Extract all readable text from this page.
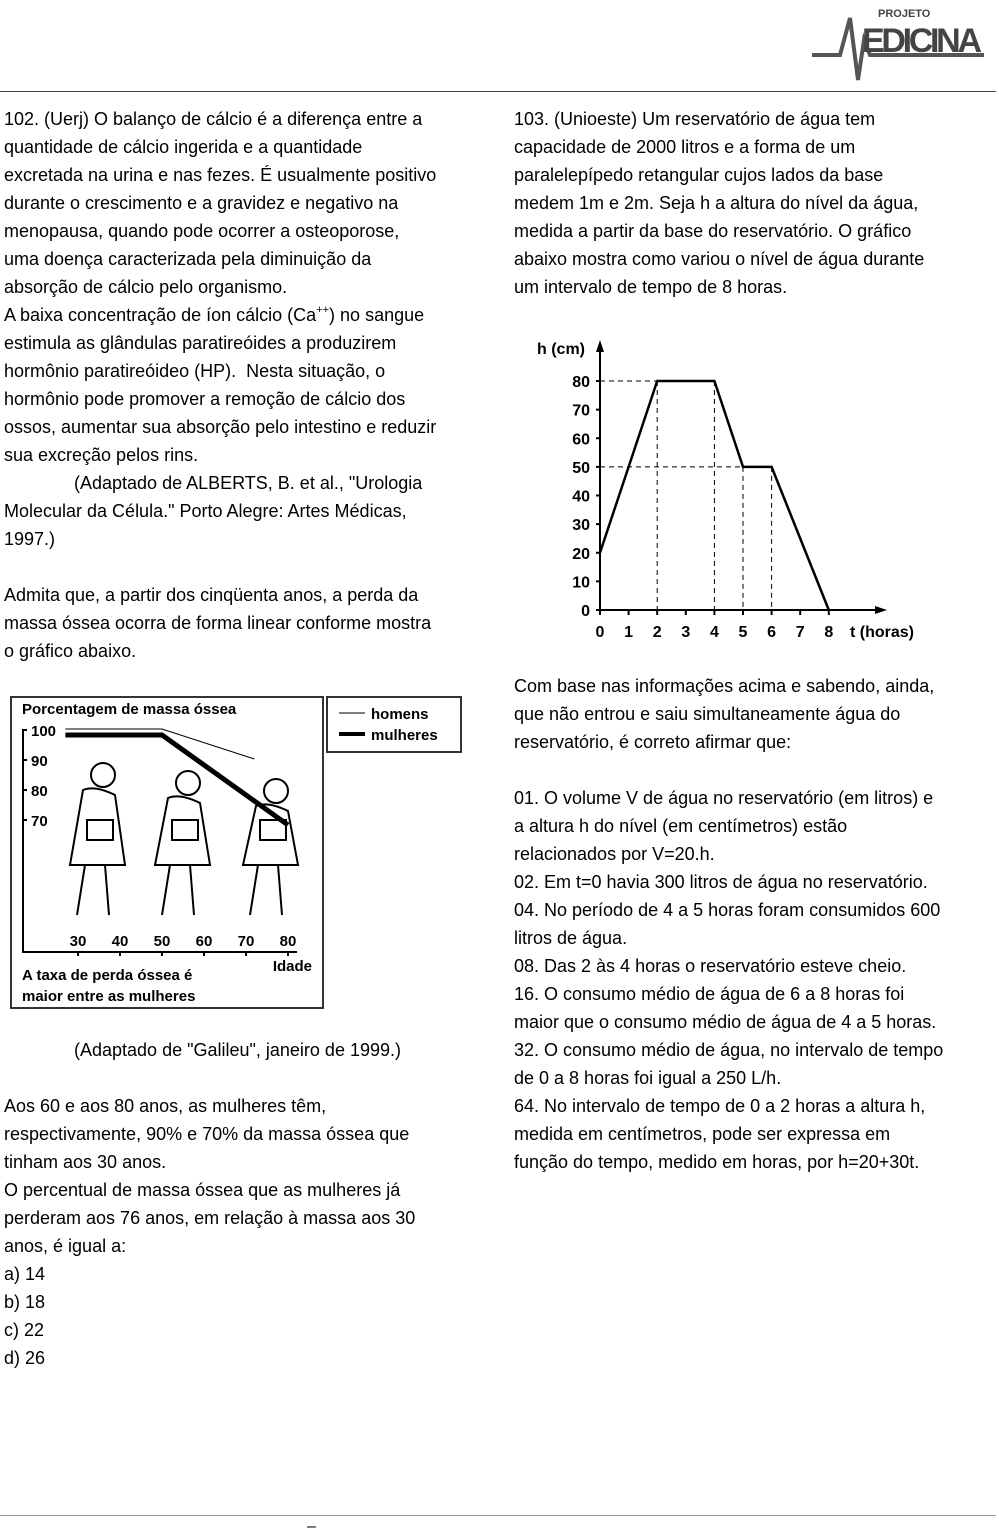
PROJETO
EDICINA
102. (Uerj) O balanço de cálcio é a diferença entre a
quantidade de cálcio ingerida e a quantidade
excretada na urina e nas fezes. É usualmente positivo
durante o crescimento e a gravidez e negativo na
menopausa, quando pode ocorrer a osteoporose,
uma doença caracterizada pela diminuição da
absorção de cálcio pelo organismo.
A baixa concentração de íon cálcio (Ca++) no sangue
estimula as glândulas paratireóides a produzirem
hormônio paratireóideo (HP).  Nesta situação, o
hormônio pode promover a remoção de cálcio dos
ossos, aumentar sua absorção pelo intestino e reduzir
sua excreção pelos rins.
(Adaptado de ALBERTS, B. et al., "Urologia
Molecular da Célula." Porto Alegre: Artes Médicas,
1997.)
Admita que, a partir dos cinqüenta anos, a perda da
massa óssea ocorra de forma linear conforme mostra
o gráfico abaixo.
Porcentagem de massa óssea
100
90
80
70
30 40 50 60 70 80
Idade
A taxa de perda óssea é
maior entre as mulheres
homens
mulheres
(Adaptado de "Galileu", janeiro de 1999.)
Aos 60 e aos 80 anos, as mulheres têm,
respectivamente, 90% e 70% da massa óssea que
tinham aos 30 anos.
O percentual de massa óssea que as mulheres já
perderam aos 76 anos, em relação à massa aos 30
anos, é igual a:
a) 14
b) 18
c) 22
d) 26
103. (Unioeste) Um reservatório de água tem
capacidade de 2000 litros e a forma de um
paralelepípedo retangular cujos lados da base
medem 1m e 2m. Seja h a altura do nível da água,
medida a partir da base do reservatório. O gráfico
abaixo mostra como variou o nível de água durante
um intervalo de tempo de 8 horas.
h (cm)
t (horas)
0
10
20
30
40
50
60
70
80
0 1 2 3 4 5 6 7 8
Com base nas informações acima e sabendo, ainda,
que não entrou e saiu simultaneamente água do
reservatório, é correto afirmar que:
01. O volume V de água no reservatório (em litros) e
a altura h do nível (em centímetros) estão
relacionados por V=20.h.
02. Em t=0 havia 300 litros de água no reservatório.
04. No período de 4 a 5 horas foram consumidos 600
litros de água.
08. Das 2 às 4 horas o reservatório esteve cheio.
16. O consumo médio de água de 6 a 8 horas foi
maior que o consumo médio de água de 4 a 5 horas.
32. O consumo médio de água, no intervalo de tempo
de 0 a 8 horas foi igual a 250 L/h.
64. No intervalo de tempo de 0 a 2 horas a altura h,
medida em centímetros, pode ser expressa em
função do tempo, medido em horas, por h=20+30t.
–
